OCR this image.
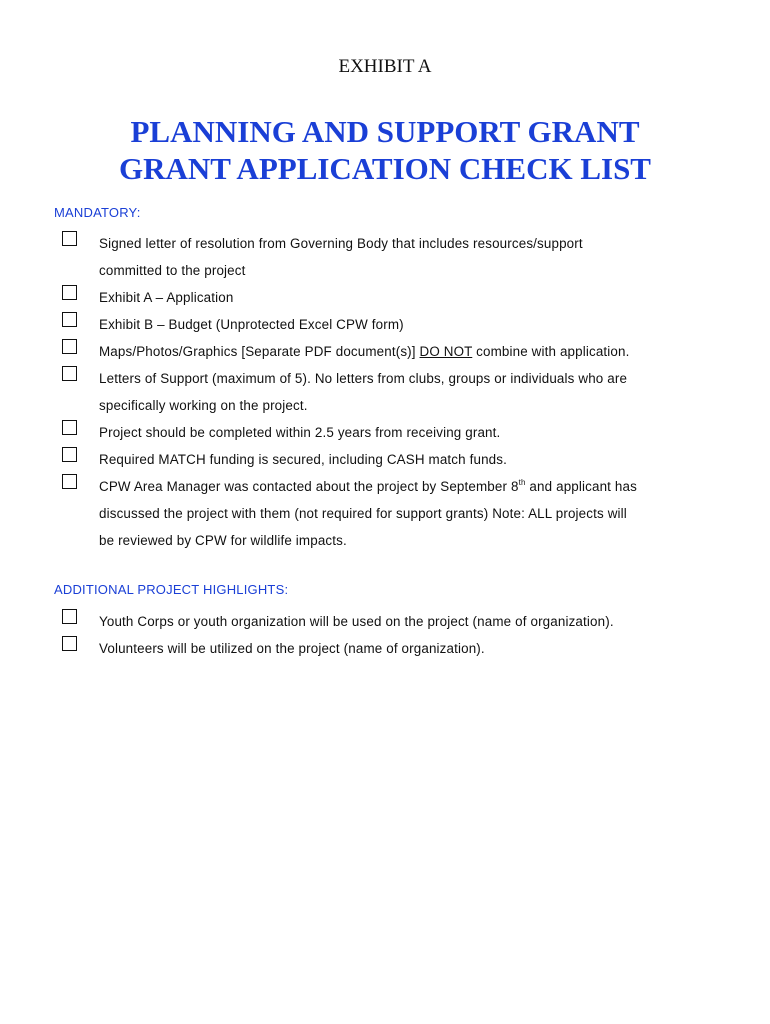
EXHIBIT A
PLANNING AND SUPPORT GRANT
GRANT APPLICATION CHECK LIST
MANDATORY:
Signed letter of resolution from Governing Body that includes resources/support
committed to the project
Exhibit A – Application
Exhibit B – Budget (Unprotected Excel CPW form)
Maps/Photos/Graphics [Separate PDF document(s)] DO NOT combine with application.
Letters of Support (maximum of 5). No letters from clubs, groups or individuals who are
specifically working on the project.
Project should be completed within 2.5 years from receiving grant.
Required MATCH funding is secured, including CASH match funds.
CPW Area Manager was contacted about the project by September 8th and applicant has
discussed the project with them (not required for support grants) Note: ALL projects will
be reviewed by CPW for wildlife impacts.
ADDITIONAL PROJECT HIGHLIGHTS:
Youth Corps or youth organization will be used on the project (name of organization).
Volunteers will be utilized on the project (name of organization).
